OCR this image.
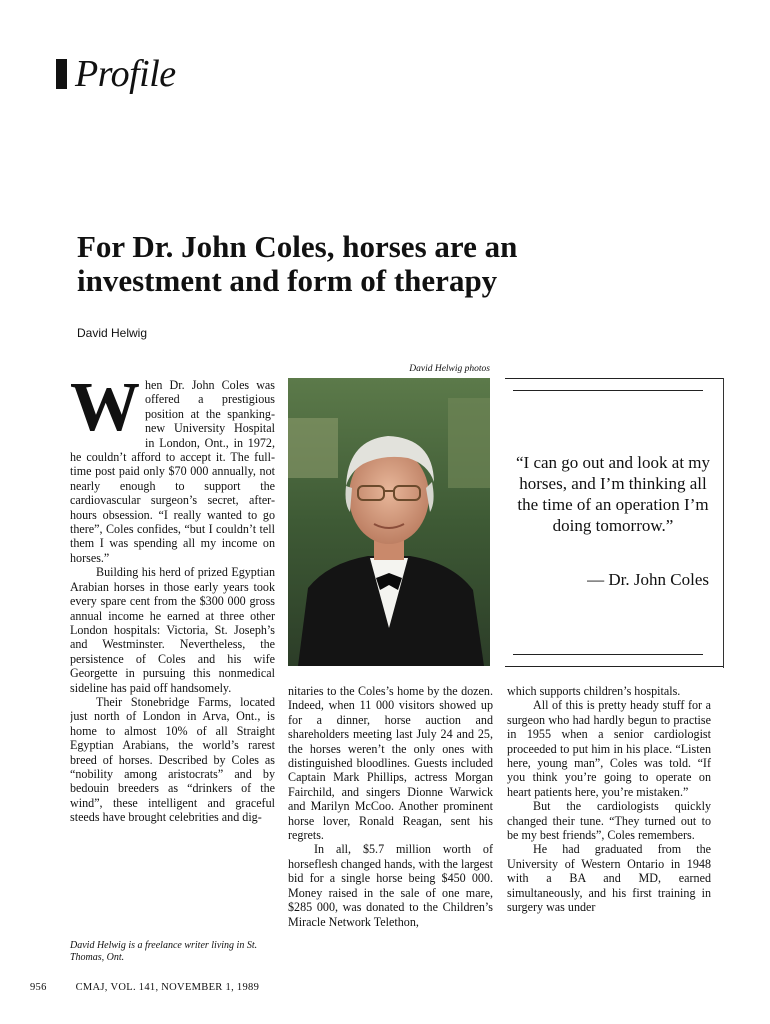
Profile
For Dr. John Coles, horses are an investment and form of therapy
David Helwig

When Dr. John Coles was offered a prestigious position at the spanking-new University Hospital in London, Ont., in 1972, he couldn’t afford to accept it. The full-time post paid only $70 000 annually, not nearly enough to support the cardiovascular surgeon’s secret, after-hours obsession. “I really wanted to go there”, Coles confides, “but I couldn’t tell them I was spending all my income on horses.”

Building his herd of prized Egyptian Arabian horses in those early years took every spare cent from the $300 000 gross annual income he earned at three other London hospitals: Victoria, St. Joseph’s and Westminster. Nevertheless, the persistence of Coles and his wife Georgette in pursuing this nonmedical sideline has paid off handsomely.

Their Stonebridge Farms, located just north of London in Arva, Ont., is home to almost 10% of all Straight Egyptian Arabians, the world’s rarest breed of horses. Described by Coles as “nobility among aristocrats” and by bedouin breeders as “drinkers of the wind”, these intelligent and graceful steeds have brought celebrities and dig-

David Helwig photos

“I can go out and look at my horses, and I’m thinking all the time of an operation I’m doing tomorrow.”

— Dr. John Coles

nitaries to the Coles’s home by the dozen. Indeed, when 11 000 visitors showed up for a dinner, horse auction and shareholders meeting last July 24 and 25, the horses weren’t the only ones with distinguished bloodlines. Guests included Captain Mark Phillips, actress Morgan Fairchild, and singers Dionne Warwick and Marilyn McCoo. Another prominent horse lover, Ronald Reagan, sent his regrets.

In all, $5.7 million worth of horseflesh changed hands, with the largest bid for a single horse being $450 000. Money raised in the sale of one mare, $285 000, was donated to the Children’s Miracle Network Telethon,

which supports children’s hospitals.

All of this is pretty heady stuff for a surgeon who had hardly begun to practise in 1955 when a senior cardiologist proceeded to put him in his place. “Listen here, young man”, Coles was told. “If you think you’re going to operate on heart patients here, you’re mistaken.”

But the cardiologists quickly changed their tune. “They turned out to be my best friends”, Coles remembers.

He had graduated from the University of Western Ontario in 1948 with a BA and MD, earned simultaneously, and his first training in surgery was under

David Helwig is a freelance writer living in St. Thomas, Ont.
956	CMAJ, VOL. 141, NOVEMBER 1, 1989
